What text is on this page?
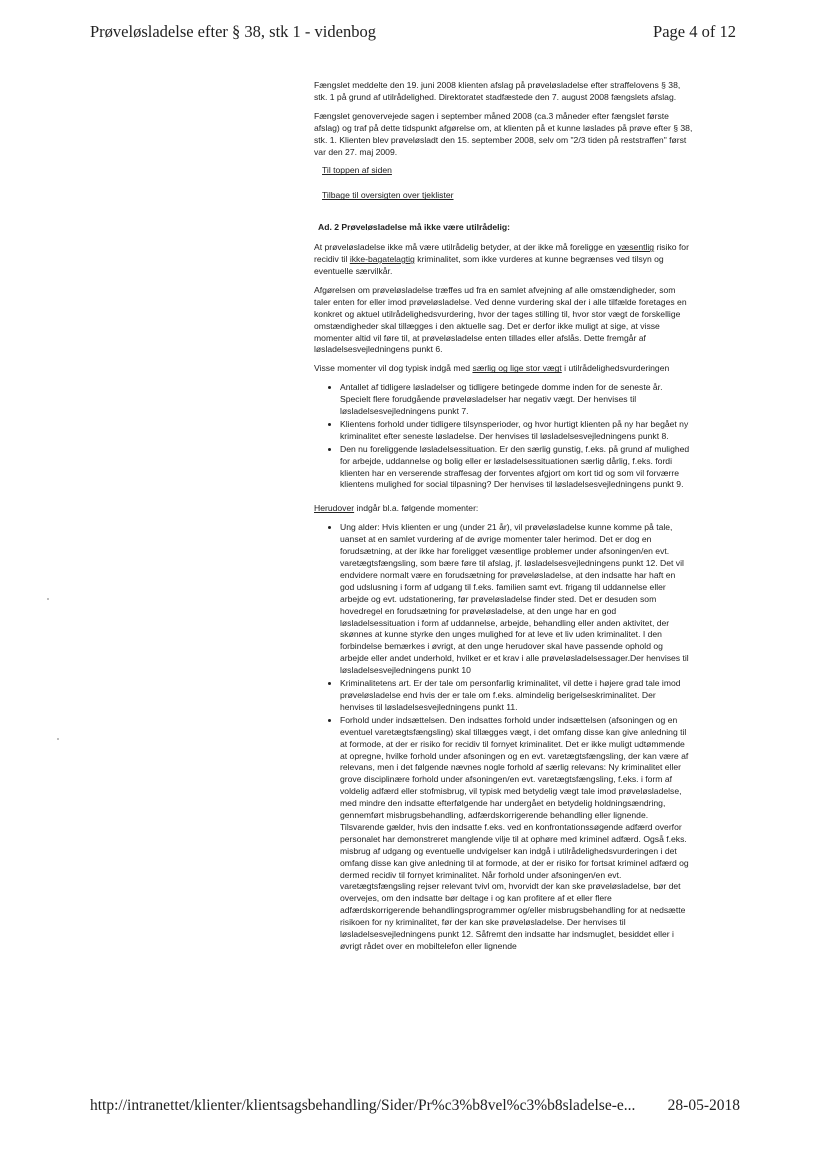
Prøveløsladelse efter § 38, stk 1 - videnbog	Page 4 of 12

Fængslet meddelte den 19. juni 2008 klienten afslag på prøveløsladelse efter straffelovens § 38, stk. 1 på grund af utilrådelighed. Direktoratet stadfæstede den 7. august 2008 fængslets afslag.

Fængslet genovervejede sagen i september måned 2008 (ca.3 måneder efter fængslet første afslag) og traf på dette tidspunkt afgørelse om, at klienten på et kunne løslades på prøve efter § 38, stk. 1. Klienten blev prøveløsladt den 15. september 2008, selv om "2/3 tiden på reststraffen" først var den 27. maj 2009.

Til toppen af siden
Tilbage til oversigten over tjeklister
Ad. 2 Prøveløsladelse må ikke være utilrådelig:

At prøveløsladelse ikke må være utilrådelig betyder, at der ikke må foreligge en væsentlig risiko for recidiv til ikke-bagatelagtig kriminalitet, som ikke vurderes at kunne begrænses ved tilsyn og eventuelle særvilkår.

Afgørelsen om prøveløsladelse træffes ud fra en samlet afvejning af alle omstændigheder, som taler enten for eller imod prøveløsladelse. Ved denne vurdering skal der i alle tilfælde foretages en konkret og aktuel utilrådelighedsvurdering, hvor der tages stilling til, hvor stor vægt de forskellige omstændigheder skal tillægges i den aktuelle sag. Det er derfor ikke muligt at sige, at visse momenter altid vil føre til, at prøveløsladelse enten tillades eller afslås. Dette fremgår af løsladelsesvejledningens punkt 6.

Visse momenter vil dog typisk indgå med særlig og lige stor vægt i utilrådelighedsvurderingen

• Antallet af tidligere løsladelser og tidligere betingede domme inden for de seneste år. Specielt flere forudgående prøveløsladelser har negativ vægt. Der henvises til løsladelsesvejledningens punkt 7.
• Klientens forhold under tidligere tilsynsperioder, og hvor hurtigt klienten på ny har begået ny kriminalitet efter seneste løsladelse. Der henvises til løsladelsesvejledningens punkt 8.
• Den nu foreliggende løsladelsessituation. Er den særlig gunstig, f.eks. på grund af mulighed for arbejde, uddannelse og bolig eller er løsladelsessituationen særlig dårlig, f.eks. fordi klienten har en verserende straffesag der forventes afgjort om kort tid og som vil forværre klientens mulighed for social tilpasning? Der henvises til løsladelsesvejledningens punkt 9.

Herudover indgår bl.a. følgende momenter:

• Ung alder: Hvis klienten er ung (under 21 år), vil prøveløsladelse kunne komme på tale, uanset at en samlet vurdering af de øvrige momenter taler herimod. Det er dog en forudsætning, at der ikke har foreligget væsentlige problemer under afsoningen/en evt. varetægtsfængsling, som bære føre til afslag, jf. løsladelsesvejledningens punkt 12. Det vil endvidere normalt være en forudsætning for prøveløsladelse, at den indsatte har haft en god udslusning i form af udgang til f.eks. familien samt evt. frigang til uddannelse eller arbejde og evt. udstationering, før prøveløsladelse finder sted. Det er desuden som hovedregel en forudsætning for prøveløsladelse, at den unge har en god løsladelsessituation i form af uddannelse, arbejde, behandling eller anden aktivitet, der skønnes at kunne styrke den unges mulighed for at leve et liv uden kriminalitet. I den forbindelse bemærkes i øvrigt, at den unge herudover skal have passende ophold og arbejde eller andet underhold, hvilket er et krav i alle prøveløsladelsessager.Der henvises til løsladelsesvejledningens punkt 10
• Kriminalitetens art. Er der tale om personfarlig kriminalitet, vil dette i højere grad tale imod prøveløsladelse end hvis der er tale om f.eks. almindelig berigelseskriminalitet. Der henvises til løsladelsesvejledningens punkt 11.
• Forhold under indsættelsen. Den indsattes forhold under indsættelsen (afsoningen og en eventuel varetægtsfængsling) skal tillægges vægt, i det omfang disse kan give anledning til at formode, at der er risiko for recidiv til fornyet kriminalitet. Det er ikke muligt udtømmende at opregne, hvilke forhold under afsoningen og en evt. varetægtsfængsling, der kan være af relevans, men i det følgende nævnes nogle forhold af særlig relevans: Ny kriminalitet eller grove disciplinære forhold under afsoningen/en evt. varetægtsfængsling, f.eks. i form af voldelig adfærd eller stofmisbrug, vil typisk med betydelig vægt tale imod prøveløsladelse, med mindre den indsatte efterfølgende har undergået en betydelig holdningsændring, gennemført misbrugsbehandling, adfærdskorrigerende behandling eller lignende. Tilsvarende gælder, hvis den indsatte f.eks. ved en konfrontationssøgende adfærd overfor personalet har demonstreret manglende vilje til at ophøre med kriminel adfærd. Også f.eks. misbrug af udgang og eventuelle undvigelser kan indgå i utilrådelighedsvurderingen i det omfang disse kan give anledning til at formode, at der er risiko for fortsat kriminel adfærd og dermed recidiv til fornyet kriminalitet. Når forhold under afsoningen/en evt. varetægtsfængsling rejser relevant tvivl om, hvorvidt der kan ske prøveløsladelse, bør det overvejes, om den indsatte bør deltage i og kan profitere af et eller flere adfærdskorrigerende behandlingsprogrammer og/eller misbrugsbehandling for at nedsætte risikoen for ny kriminalitet, før der kan ske prøveløsladelse. Der henvises til løsladelsesvejledningens punkt 12. Såfremt den indsatte har indsmuglet, besiddet eller i øvrigt rådet over en mobiltelefon eller lignende
http://intranettet/klienter/klientsagsbehandling/Sider/Pr%c3%b8vel%c3%b8sladelse-e... 28-05-2018
